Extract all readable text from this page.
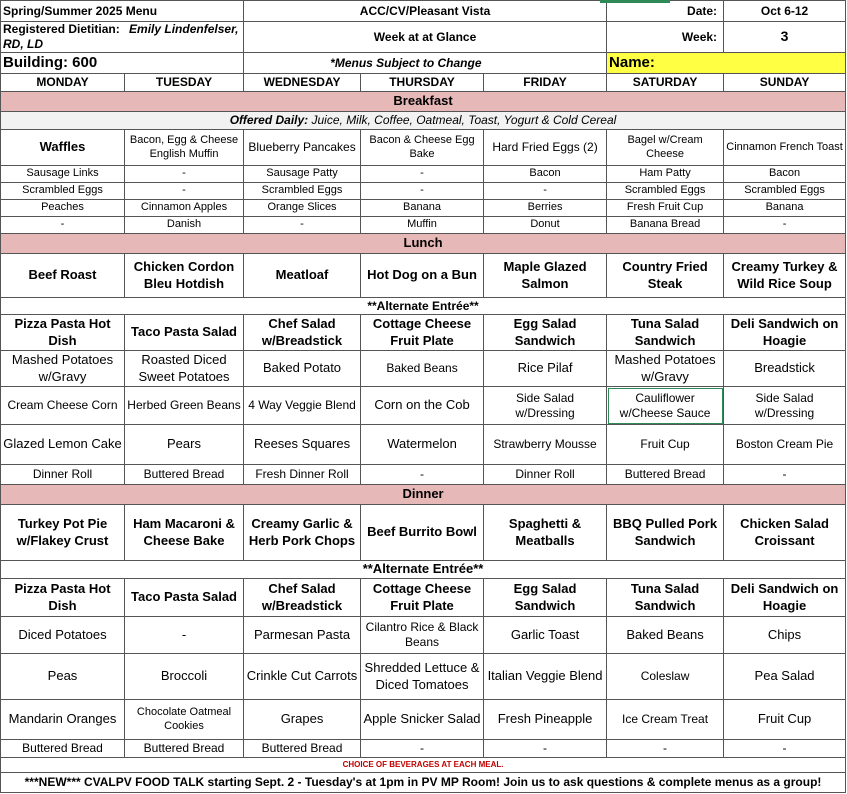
Spring/Summer 2025 Menu		ACC/CV/Pleasant Vista			Date:	Oct 6-12
Registered Dietitian: Emily Lindenfelser, RD, LD		Week at at Glance			Week:	3
Building: 600		*Menus Subject to Change			Name:	
MONDAY	TUESDAY	WEDNESDAY	THURSDAY	FRIDAY	SATURDAY	SUNDAY
Breakfast						
Offered Daily: Juice, Milk, Coffee, Oatmeal, Toast, Yogurt & Cold Cereal						
Waffles	Bacon, Egg & Cheese English Muffin	Blueberry Pancakes	Bacon & Cheese Egg Bake	Hard Fried Eggs (2)	Bagel w/Cream Cheese	Cinnamon French Toast
Sausage Links	-	Sausage Patty	-	Bacon	Ham Patty	Bacon
Scrambled Eggs	-	Scrambled Eggs	-	-	Scrambled Eggs	Scrambled Eggs
Peaches	Cinnamon Apples	Orange Slices	Banana	Berries	Fresh Fruit Cup	Banana
-	Danish	-	Muffin	Donut	Banana Bread	-
Lunch						
Beef Roast	Chicken Cordon Bleu Hotdish	Meatloaf	Hot Dog on a Bun	Maple Glazed Salmon	Country Fried Steak	Creamy Turkey & Wild Rice Soup
**Alternate Entrée**						
Pizza Pasta Hot Dish	Taco Pasta Salad	Chef Salad w/Breadstick	Cottage Cheese Fruit Plate	Egg Salad Sandwich	Tuna Salad Sandwich	Deli Sandwich on Hoagie
Mashed Potatoes w/Gravy	Roasted Diced Sweet Potatoes	Baked Potato	Baked Beans	Rice Pilaf	Mashed Potatoes w/Gravy	Breadstick
Cream Cheese Corn	Herbed Green Beans	4 Way Veggie Blend	Corn on the Cob	Side Salad w/Dressing	Cauliflower w/Cheese Sauce	Side Salad w/Dressing
Glazed Lemon Cake	Pears	Reeses Squares	Watermelon	Strawberry Mousse	Fruit Cup	Boston Cream Pie
Dinner Roll	Buttered Bread	Fresh Dinner Roll	-	Dinner Roll	Buttered Bread	-
Dinner						
Turkey Pot Pie w/Flakey Crust	Ham Macaroni & Cheese Bake	Creamy Garlic & Herb Pork Chops	Beef Burrito Bowl	Spaghetti & Meatballs	BBQ Pulled Pork Sandwich	Chicken Salad Croissant
**Alternate Entrée**						
Pizza Pasta Hot Dish	Taco Pasta Salad	Chef Salad w/Breadstick	Cottage Cheese Fruit Plate	Egg Salad Sandwich	Tuna Salad Sandwich	Deli Sandwich on Hoagie
Diced Potatoes	-	Parmesan Pasta	Cilantro Rice & Black Beans	Garlic Toast	Baked Beans	Chips
Peas	Broccoli	Crinkle Cut Carrots	Shredded Lettuce & Diced Tomatoes	Italian Veggie Blend	Coleslaw	Pea Salad
Mandarin Oranges	Chocolate Oatmeal Cookies	Grapes	Apple Snicker Salad	Fresh Pineapple	Ice Cream Treat	Fruit Cup
Buttered Bread	Buttered Bread	Buttered Bread	-	-	-	-
CHOICE OF BEVERAGES AT EACH MEAL.						
***NEW*** CVALPV FOOD TALK starting Sept. 2 - Tuesday's at 1pm in PV MP Room! Join us to ask questions & complete menus as a group!						
